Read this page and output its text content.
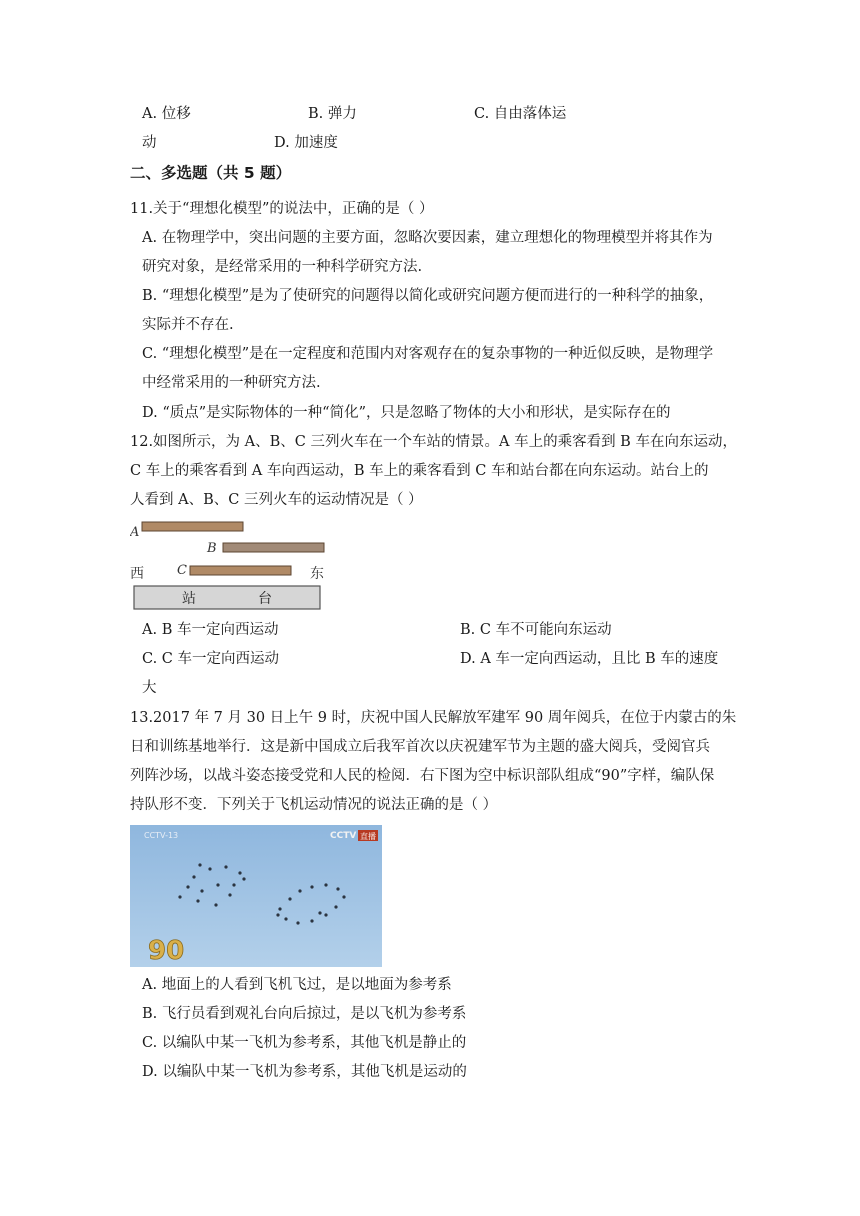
A. 位移	B. 弹力	C. 自由落体运
动	D. 加速度
二、多选题（共 5 题）
11.关于“理想化模型”的说法中，正确的是（ ）
A. 在物理学中，突出问题的主要方面，忽略次要因素，建立理想化的物理模型并将其作为
研究对象，是经常采用的一种科学研究方法.
B. “理想化模型”是为了使研究的问题得以简化或研究问题方便而进行的一种科学的抽象，
实际并不存在.
C. “理想化模型”是在一定程度和范围内对客观存在的复杂事物的一种近似反映，是物理学
中经常采用的一种研究方法.
D. “质点”是实际物体的一种“简化”，只是忽略了物体的大小和形状，是实际存在的
12.如图所示，为 A、B、C 三列火车在一个车站的情景。A 车上的乘客看到 B 车在向东运动，
C 车上的乘客看到 A 车向西运动，B 车上的乘客看到 C 车和站台都在向东运动。站台上的
人看到 A、B、C 三列火车的运动情况是（ ）
A
B
西	C	东
站	台
A. B 车一定向西运动	B. C 车不可能向东运动
C. C 车一定向西运动	D. A 车一定向西运动，且比 B 车的速度
大
13.2017 年 7 月 30 日上午 9 时，庆祝中国人民解放军建军 90 周年阅兵，在位于内蒙古的朱
日和训练基地举行．这是新中国成立后我军首次以庆祝建军节为主题的盛大阅兵，受阅官兵
列阵沙场，以战斗姿态接受党和人民的检阅．右下图为空中标识部队组成“90”字样，编队保
持队形不变．下列关于飞机运动情况的说法正确的是（ ）
CCTV-13	CCTV 直播
90
A. 地面上的人看到飞机飞过，是以地面为参考系
B. 飞行员看到观礼台向后掠过，是以飞机为参考系
C. 以编队中某一飞机为参考系，其他飞机是静止的
D. 以编队中某一飞机为参考系，其他飞机是运动的
